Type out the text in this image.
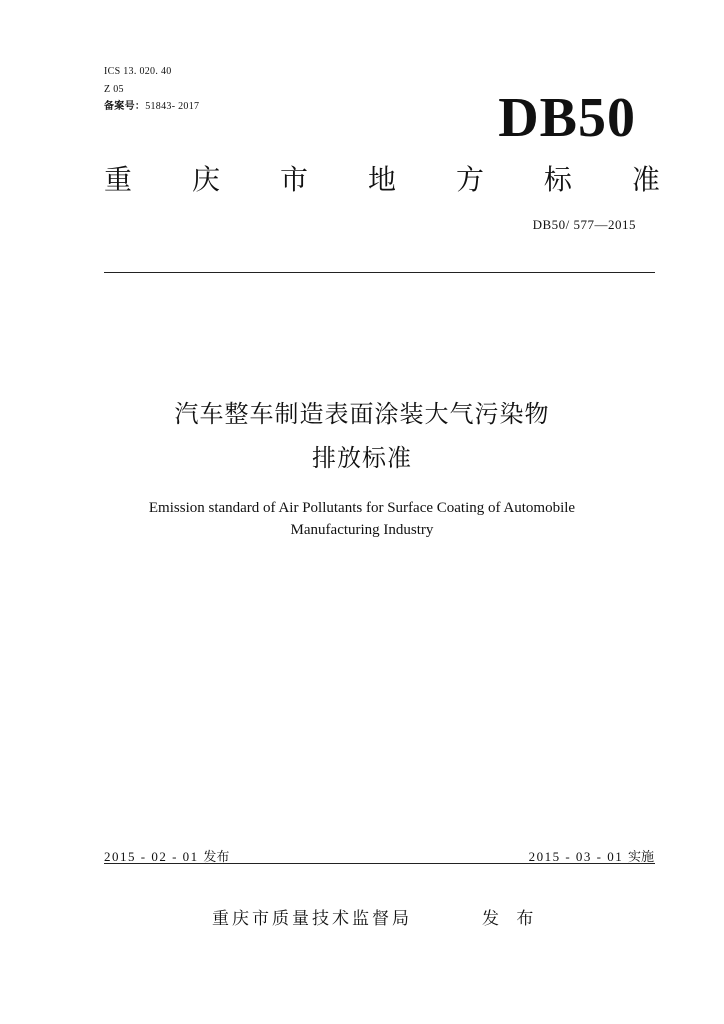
ICS 13. 020. 40
Z 05
备案号：51843- 2017	DB50
重 庆 市 地 方 标 准
DB50/ 577—2015
汽车整车制造表面涂装大气污染物
排放标准
Emission standard of Air Pollutants for Surface Coating of Automobile
Manufacturing Industry
2015 - 02 - 01 发布	2015 - 03 - 01 实施
重庆市质量技术监督局	发 布
